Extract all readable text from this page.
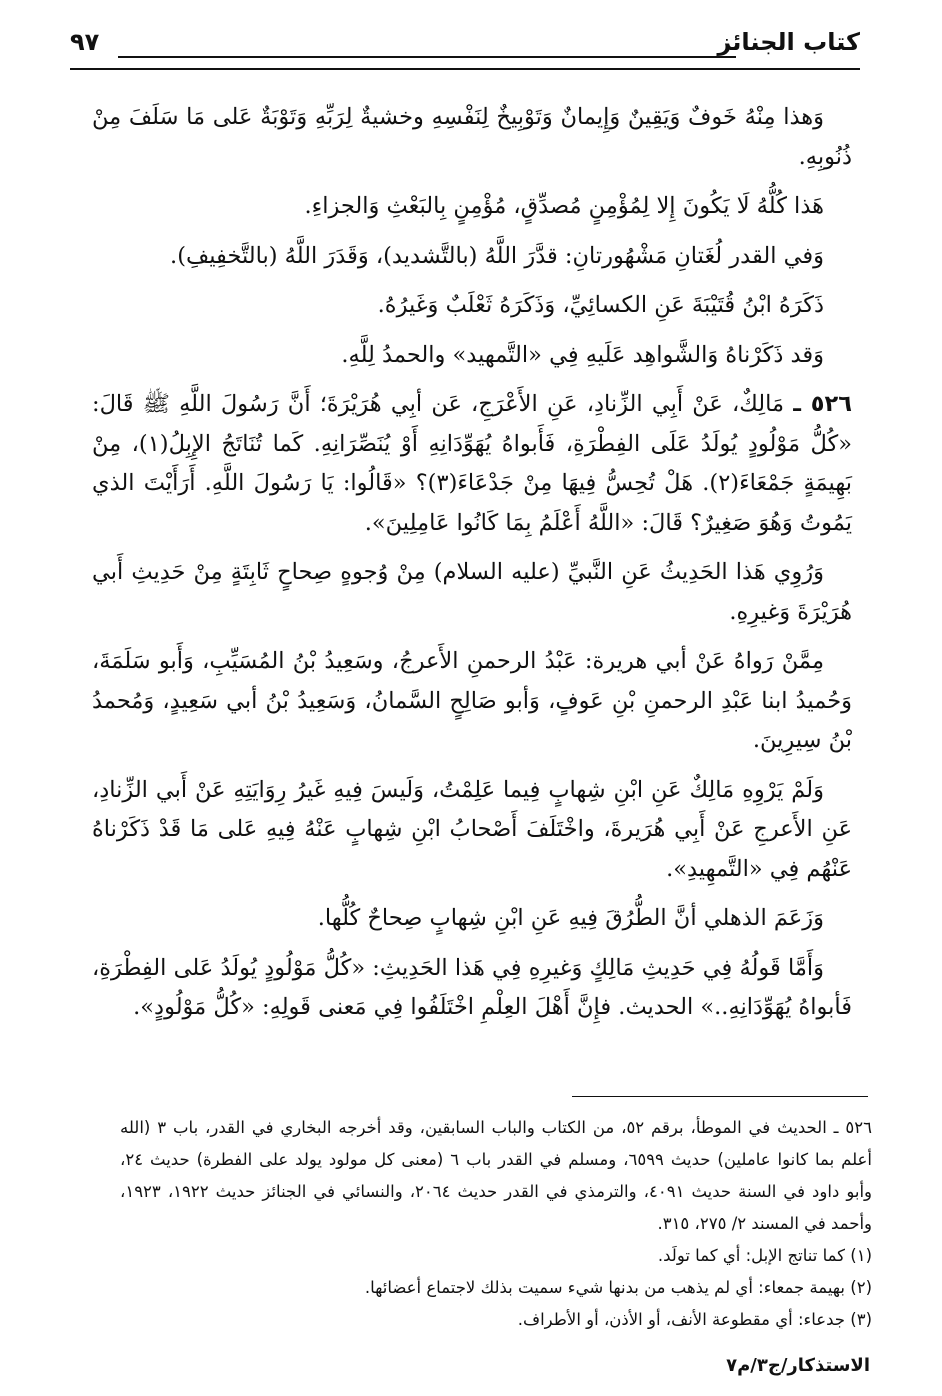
كتاب الجنائز
٩٧

وَهذا مِنْهُ خَوفٌ وَيَقِينٌ وَإِيمانٌ وَتَوْبِيخٌ لِنَفْسِهِ وخشيةٌ لِرَبِّهِ وَتَوْبَةٌ عَلى مَا سَلَفَ مِنْ ذُنُوبِهِ.

هَذا كُلُّهُ لَا يَكُونَ إِلا لِمُؤْمِنٍ مُصدِّقٍ، مُؤْمِنٍ بِالبَعْثِ وَالجزاءِ.

وَفي القدر لُغَتانِ مَشْهُورتانِ: قدَّرَ اللَّهُ (بالتَّشديد)، وَقَدَرَ اللَّهُ (بالتَّخفِيفِ).

ذَكَرَهُ ابْنُ قُتَيْبَةَ عَنِ الكسائِيِّ، وَذَكَرَهُ ثَعْلَبٌ وَغَيرُهُ.

وَقد ذَكَرْناهُ وَالشَّواهِد عَلَيهِ فِي «التَّمهيد» والحمدُ لِلَّهِ.

٥٢٦ ـ مَالِكٌ، عَنْ أَبِي الزِّنادِ، عَنِ الأَعْرَجِ، عَن أبِي هُرَيْرَةَ؛ أَنَّ رَسُولَ اللَّهِ ﷺ قَالَ: «كُلُّ مَوْلُودٍ يُولَدُ عَلَى الفِطْرَةِ، فَأَبواهُ يُهَوِّدَانِهِ أَوْ يُنَصِّرَانِهِ. كَما تُنَاتَجُ الإِبِلُ(١)، مِنْ بَهِيمَةٍ جَمْعَاءَ(٢). هَلْ تُحِسُّ فِيهَا مِنْ جَدْعَاءَ(٣)؟ «قَالُوا: يَا رَسُولَ اللَّهِ. أَرَأَيْتَ الذي يَمُوتُ وَهُوَ صَغِيرٌ؟ قَالَ: «اللَّهُ أَعْلَمُ بِمَا كَانُوا عَامِلِينَ».

وَرُوِي هَذا الحَدِيثُ عَنِ النَّبيِّ (عليه السلام) مِنْ وُجوهٍ صِحاحٍ ثَابِتَةٍ مِنْ حَدِيثِ أَبي هُرَيْرَةَ وَغيرِهِ.

مِمَّنْ رَواهُ عَنْ أبي هريرة: عَبْدُ الرحمنِ الأَعرجُ، وسَعِيدُ بْنُ المُسَيِّبِ، وَأَبو سَلَمَةَ، وَحُميدُ ابنا عَبْدِ الرحمنِ بْنِ عَوفٍ، وَأبو صَالِحٍ السَّمانُ، وَسَعِيدُ بْنُ أبي سَعِيدٍ، وَمُحمدُ بْنُ سِيرِينَ.

وَلَمْ يَرْوِهِ مَالِكٌ عَنِ ابْنِ شِهابٍ فِيما عَلِمْتُ، وَلَيسَ فِيهِ غَيرُ رِوَايَتِهِ عَنْ أَبي الزِّنادِ، عَنِ الأَعرجِ عَنْ أَبِي هُرَيرةَ، واخْتَلَفَ أَصْحابُ ابْنِ شِهابٍ عَنْهُ فِيهِ عَلى مَا قَدْ ذَكَرْناهُ عَنْهُم فِي «التَّمهِيدِ».

وَزَعَمَ الذهلي أنَّ الطُّرُقَ فِيهِ عَنِ ابْنِ شِهابٍ صِحاحٌ كُلُّها.

وَأَمَّا قَولُهُ فِي حَدِيثِ مَالِكٍ وَغيرِهِ فِي هَذا الحَدِيثِ: «كُلُّ مَوْلُودٍ يُولَدُ عَلى الفِطْرَةِ، فَأبواهُ يُهَوِّدَانِهِ..» الحديث. فإِنَّ أَهْلَ العِلْمِ اخْتَلَفُوا فِي مَعنى قَولِهِ: «كُلُّ مَوْلُودٍ».

٥٢٦ ـ الحديث في الموطأ، برقم ٥٢، من الكتاب والباب السابقين، وقد أخرجه البخاري في القدر، باب ٣ (الله أعلم بما كانوا عاملين) حديث ٦٥٩٩، ومسلم في القدر باب ٦ (معنى كل مولود يولد على الفطرة) حديث ٢٤، وأبو داود في السنة حديث ٤٠٩١، والترمذي في القدر حديث ٢٠٦٤، والنسائي في الجنائز حديث ١٩٢٢، ١٩٢٣، وأحمد في المسند ٢/ ٢٧٥، ٣١٥.

(١) كما تناتج الإبل: أي كما تولَد.

(٢) بهيمة جمعاء: أي لم يذهب من بدنها شيء سميت بذلك لاجتماع أعضائها.

(٣) جدعاء: أي مقطوعة الأنف، أو الأذن، أو الأطراف.

الاستذكار/ج٣/م٧
